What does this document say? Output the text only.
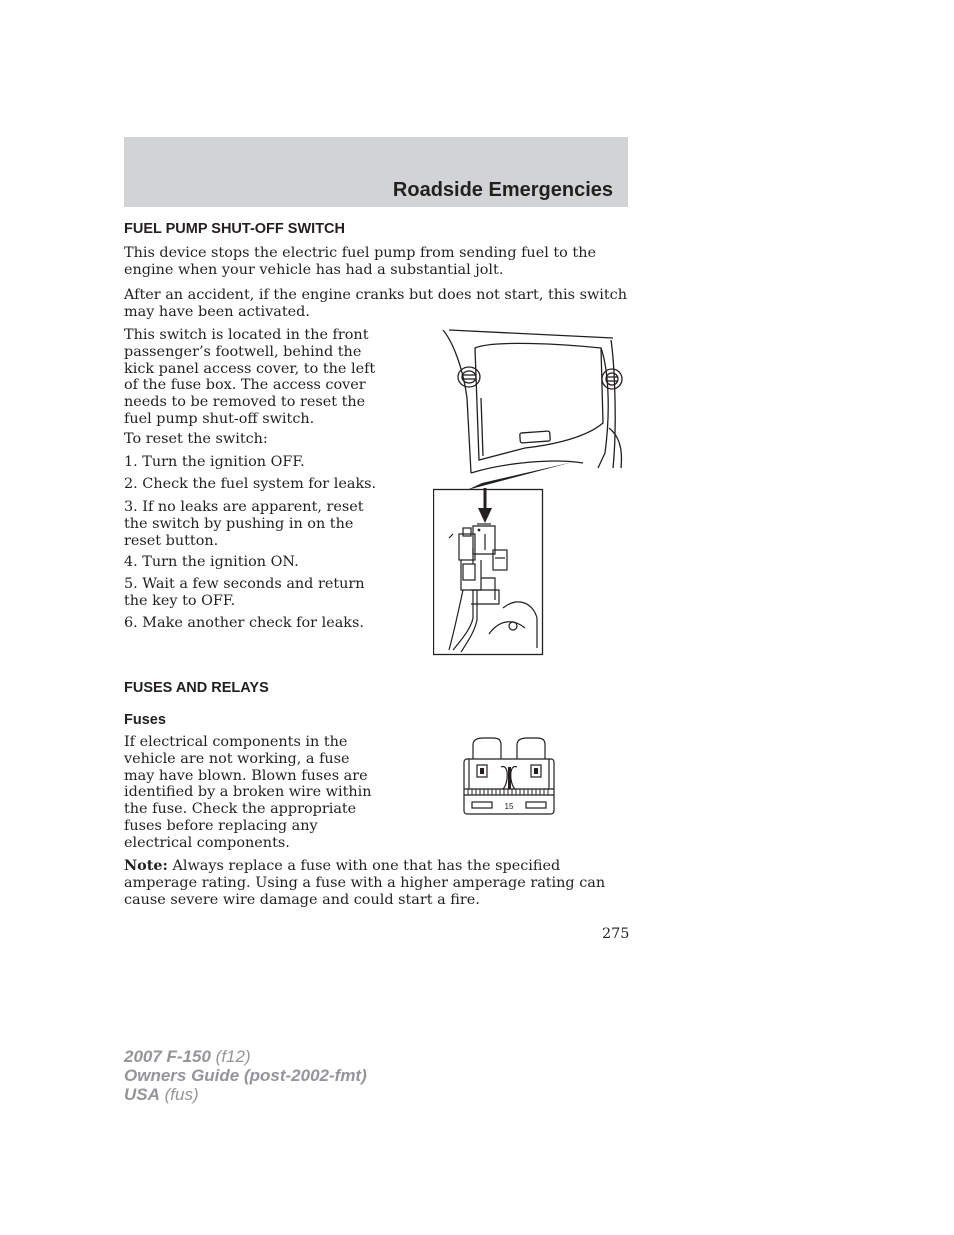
Roadside Emergencies
FUEL PUMP SHUT-OFF SWITCH

This device stops the electric fuel pump from sending fuel to the engine when your vehicle has had a substantial jolt.

After an accident, if the engine cranks but does not start, this switch may have been activated.

This switch is located in the front passenger’s footwell, behind the kick panel access cover, to the left of the fuse box. The access cover needs to be removed to reset the fuel pump shut-off switch.

To reset the switch:

1. Turn the ignition OFF.

2. Check the fuel system for leaks.

3. If no leaks are apparent, reset the switch by pushing in on the reset button.

4. Turn the ignition ON.

5. Wait a few seconds and return the key to OFF.

6. Make another check for leaks.

FUSES AND RELAYS
Fuses

If electrical components in the vehicle are not working, a fuse may have blown. Blown fuses are identified by a broken wire within the fuse. Check the appropriate fuses before replacing any electrical components.

15

Note: Always replace a fuse with one that has the specified amperage rating. Using a fuse with a higher amperage rating can cause severe wire damage and could start a fire.

275
2007 F-150 (f12)
Owners Guide (post-2002-fmt)
USA (fus)
